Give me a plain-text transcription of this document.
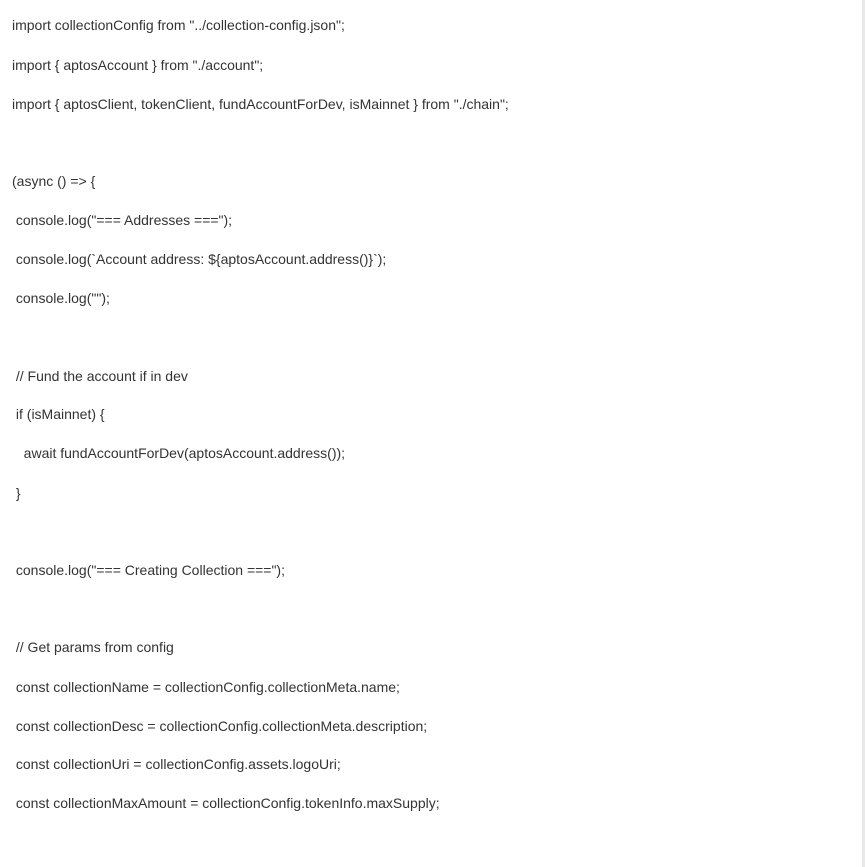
import collectionConfig from "../collection-config.json";
import { aptosAccount } from "./account";
import { aptosClient, tokenClient, fundAccountForDev, isMainnet } from "./chain";
(async () => {
console.log("=== Addresses ===");
console.log(`Account address: ${aptosAccount.address()}`);
console.log("");
// Fund the account if in dev
if (isMainnet) {
await fundAccountForDev(aptosAccount.address());
}
console.log("=== Creating Collection ===");
// Get params from config
const collectionName = collectionConfig.collectionMeta.name;
const collectionDesc = collectionConfig.collectionMeta.description;
const collectionUri = collectionConfig.assets.logoUri;
const collectionMaxAmount = collectionConfig.tokenInfo.maxSupply;
